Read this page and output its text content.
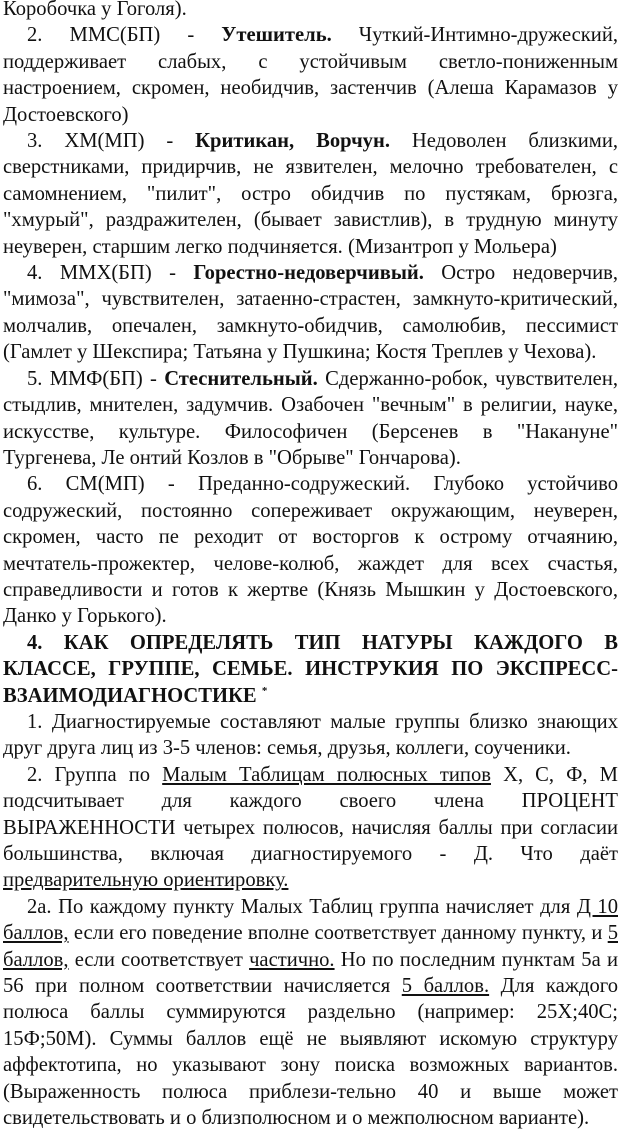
Коробочка у Гоголя).

2. ММС(БП) - Утешитель. Чуткий-Интимно-дружеский, поддерживает слабых, с устойчивым светло-пониженным настроением, скромен, необидчив, застенчив (Алеша Карамазов у Достоевского)

3. ХМ(МП) - Критикан, Ворчун. Недоволен близкими, сверстниками, придирчив, не язвителен, мелочно требователен, с самомнением, "пилит", остро обидчив по пустякам, брюзга, "хмурый", раздражителен, (бывает завистлив), в трудную минуту неуверен, старшим легко подчиняется. (Мизантроп у Мольера)

4. ММХ(БП) - Горестно-недоверчивый. Остро недоверчив, "мимоза", чувствителен, затаенно-страстен, замкнуто-критический, молчалив, опечален, замкнуто-обидчив, самолюбив, пессимист (Гамлет у Шекспира; Татьяна у Пушкина; Костя Треплев у Чехова).

5. ММФ(БП) - Стеснительный. Сдержанно-робок, чувствителен, стыдлив, мнителен, задумчив. Озабочен "вечным" в религии, науке, искусстве, культуре. Философичен (Берсенев в "Накануне" Тургенева, Ле онтий Козлов в "Обрыве" Гончарова).

6. СМ(МП) - Преданно-содружеский. Глубоко устойчиво содружеский, постоянно сопереживает окружающим, неуверен, скромен, часто пе реходит от восторгов к острому отчаянию, мечтатель-прожектер, челове-колюб, жаждет для всех счастья, справедливости и готов к жертве (Князь Мышкин у Достоевского, Данко у Горького).

4. КАК ОПРЕДЕЛЯТЬ ТИП НАТУРЫ КАЖДОГО В КЛАССЕ, ГРУППЕ, СЕМЬЕ. ИНСТРУКИЯ ПО ЭКСПРЕСС-ВЗАИМОДИАГНОСТИКЕ *

1. Диагностируемые составляют малые группы близко знающих друг друга лиц из 3-5 членов: семья, друзья, коллеги, соученики.

2. Группа по Малым Таблицам полюсных типов X, С, Ф, М подсчитывает для каждого своего члена ПРОЦЕНТ ВЫРАЖЕННОСТИ четырех полюсов, начисляя баллы при согласии большинства, включая диагностируемого - Д. Что даёт предварительную ориентировку.

2а. По каждому пункту Малых Таблиц группа начисляет для Д 10 баллов, если его поведение вполне соответствует данному пункту, и 5 баллов, если соответствует частично. Но по последним пунктам 5а и 56 при полном соответствии начисляется 5 баллов. Для каждого полюса баллы суммируются раздельно (например: 25Х;40С; 15Ф;50М). Суммы баллов ещё не выявляют искомую структуру аффектотипа, но указывают зону поиска возможных вариантов. (Выраженность полюса приблези-тельно 40 и выше может свидетельствовать и о близполюсном и о межполюсном варианте).
